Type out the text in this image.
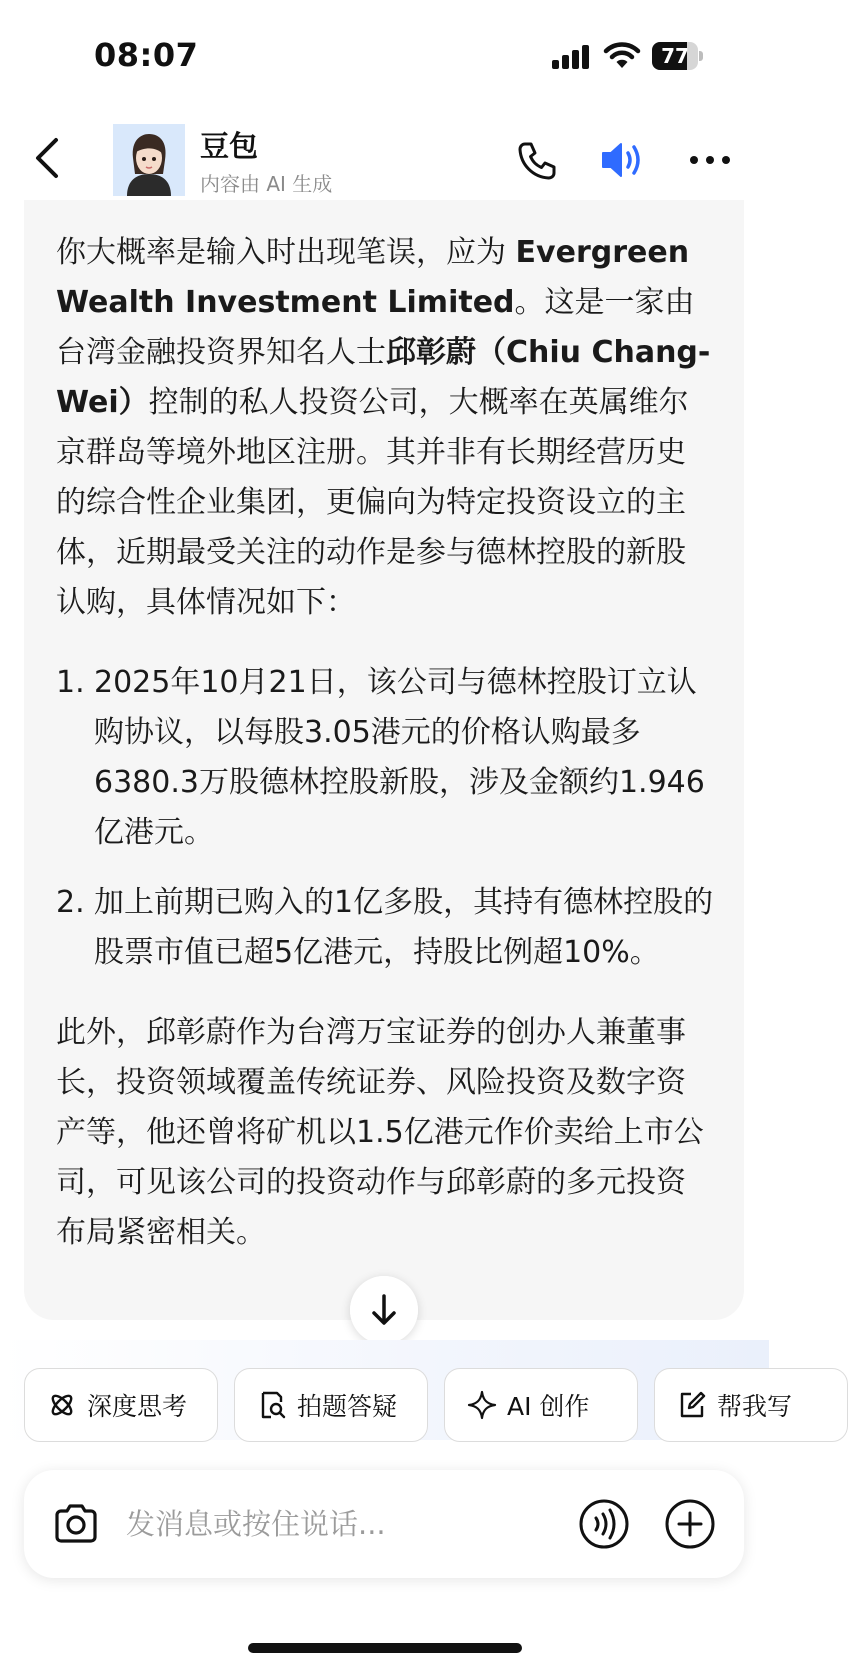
08:07	77
豆包
内容由 AI 生成

你大概率是输入时出现笔误，应为 Evergreen Wealth Investment Limited。这是一家由台湾金融投资界知名人士邱彰蔚（Chiu Chang-Wei）控制的私人投资公司，大概率在英属维尔京群岛等境外地区注册。其并非有长期经营历史的综合性企业集团，更偏向为特定投资设立的主体，近期最受关注的动作是参与德林控股的新股认购，具体情况如下：

1. 2025年10月21日，该公司与德林控股订立认购协议，以每股3.05港元的价格认购最多6380.3万股德林控股新股，涉及金额约1.946亿港元。
2. 加上前期已购入的1亿多股，其持有德林控股的股票市值已超5亿港元，持股比例超10%。

此外，邱彰蔚作为台湾万宝证券的创办人兼董事长，投资领域覆盖传统证券、风险投资及数字资产等，他还曾将矿机以1.5亿港元作价卖给上市公司，可见该公司的投资动作与邱彰蔚的多元投资布局紧密相关。

深度思考	拍题答疑	AI 创作	帮我写
发消息或按住说话...
